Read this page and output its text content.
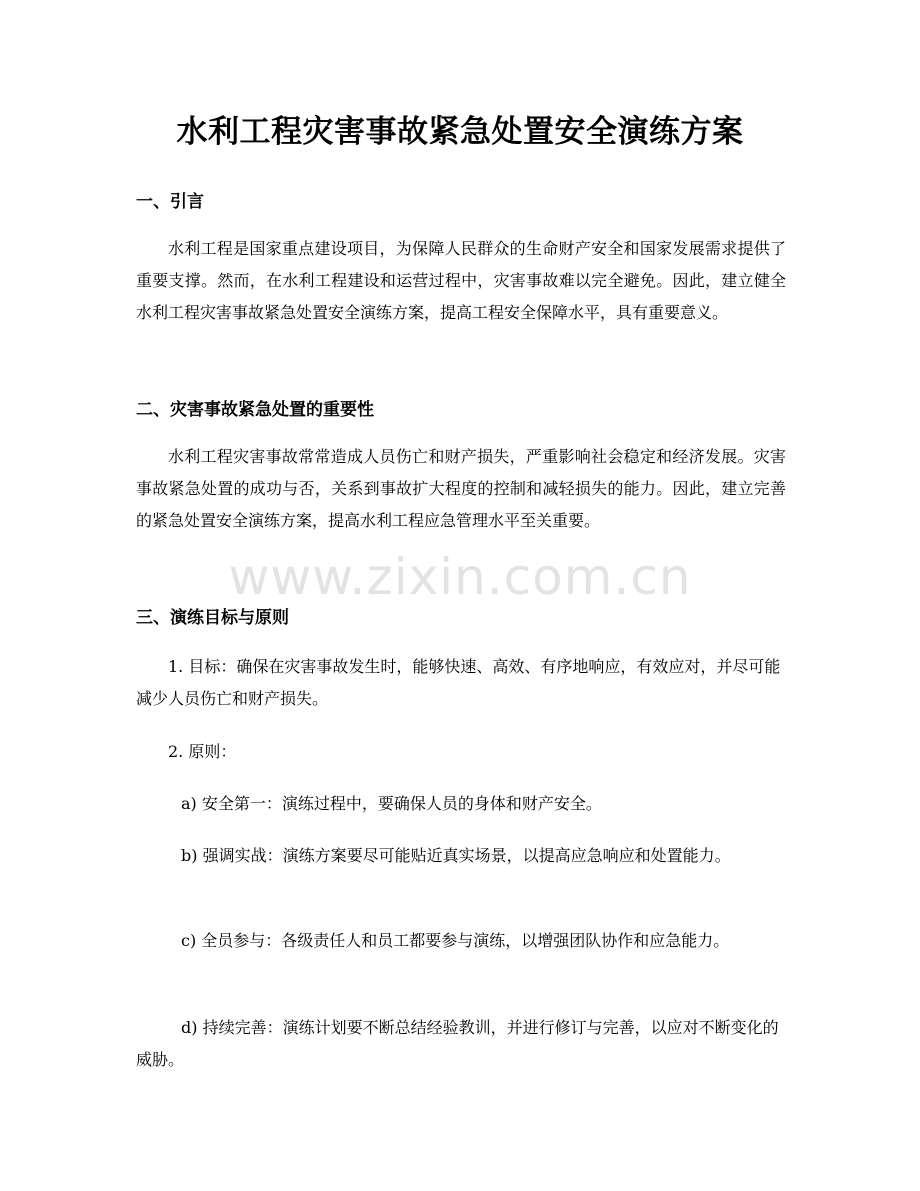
水利工程灾害事故紧急处置安全演练方案
一、引言

水利工程是国家重点建设项目，为保障人民群众的生命财产安全和国家发展需求提供了重要支撑。然而，在水利工程建设和运营过程中，灾害事故难以完全避免。因此，建立健全水利工程灾害事故紧急处置安全演练方案，提高工程安全保障水平，具有重要意义。

二、灾害事故紧急处置的重要性

水利工程灾害事故常常造成人员伤亡和财产损失，严重影响社会稳定和经济发展。灾害事故紧急处置的成功与否，关系到事故扩大程度的控制和减轻损失的能力。因此，建立完善的紧急处置安全演练方案，提高水利工程应急管理水平至关重要。

www.zixin.com.cn
三、演练目标与原则

1. 目标：确保在灾害事故发生时，能够快速、高效、有序地响应，有效应对，并尽可能减少人员伤亡和财产损失。

2. 原则：

a) 安全第一：演练过程中，要确保人员的身体和财产安全。

b) 强调实战：演练方案要尽可能贴近真实场景，以提高应急响应和处置能力。

c) 全员参与：各级责任人和员工都要参与演练，以增强团队协作和应急能力。

d) 持续完善：演练计划要不断总结经验教训，并进行修订与完善，以应对不断变化的威胁。
